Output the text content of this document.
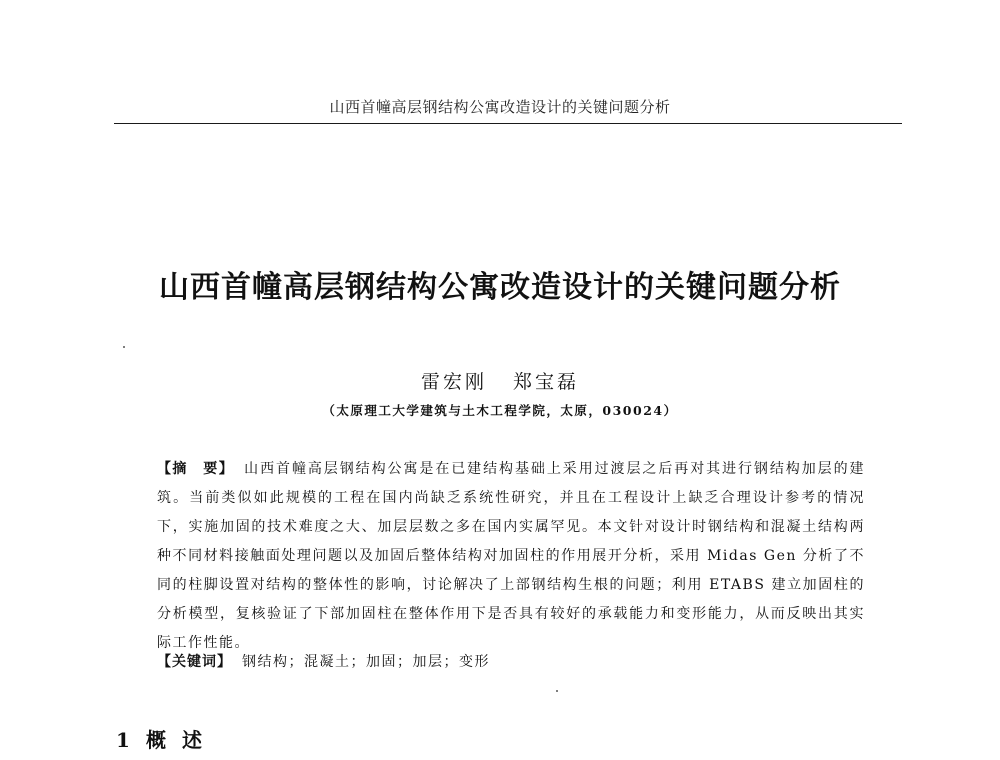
山西首幢高层钢结构公寓改造设计的关键问题分析
山西首幢高层钢结构公寓改造设计的关键问题分析
雷宏刚 郑宝磊
（太原理工大学建筑与土木工程学院，太原，030024）
【摘　要】 山西首幢高层钢结构公寓是在已建结构基础上采用过渡层之后再对其进行钢结构加层的建筑。当前类似如此规模的工程在国内尚缺乏系统性研究，并且在工程设计上缺乏合理设计参考的情况下，实施加固的技术难度之大、加层层数之多在国内实属罕见。本文针对设计时钢结构和混凝土结构两种不同材料接触面处理问题以及加固后整体结构对加固柱的作用展开分析，采用 Midas Gen 分析了不同的柱脚设置对结构的整体性的影响，讨论解决了上部钢结构生根的问题；利用 ETABS 建立加固柱的分析模型，复核验证了下部加固柱在整体作用下是否具有较好的承载能力和变形能力，从而反映出其实际工作性能。
【关键词】 钢结构；混凝土；加固；加层；变形
1 概述
